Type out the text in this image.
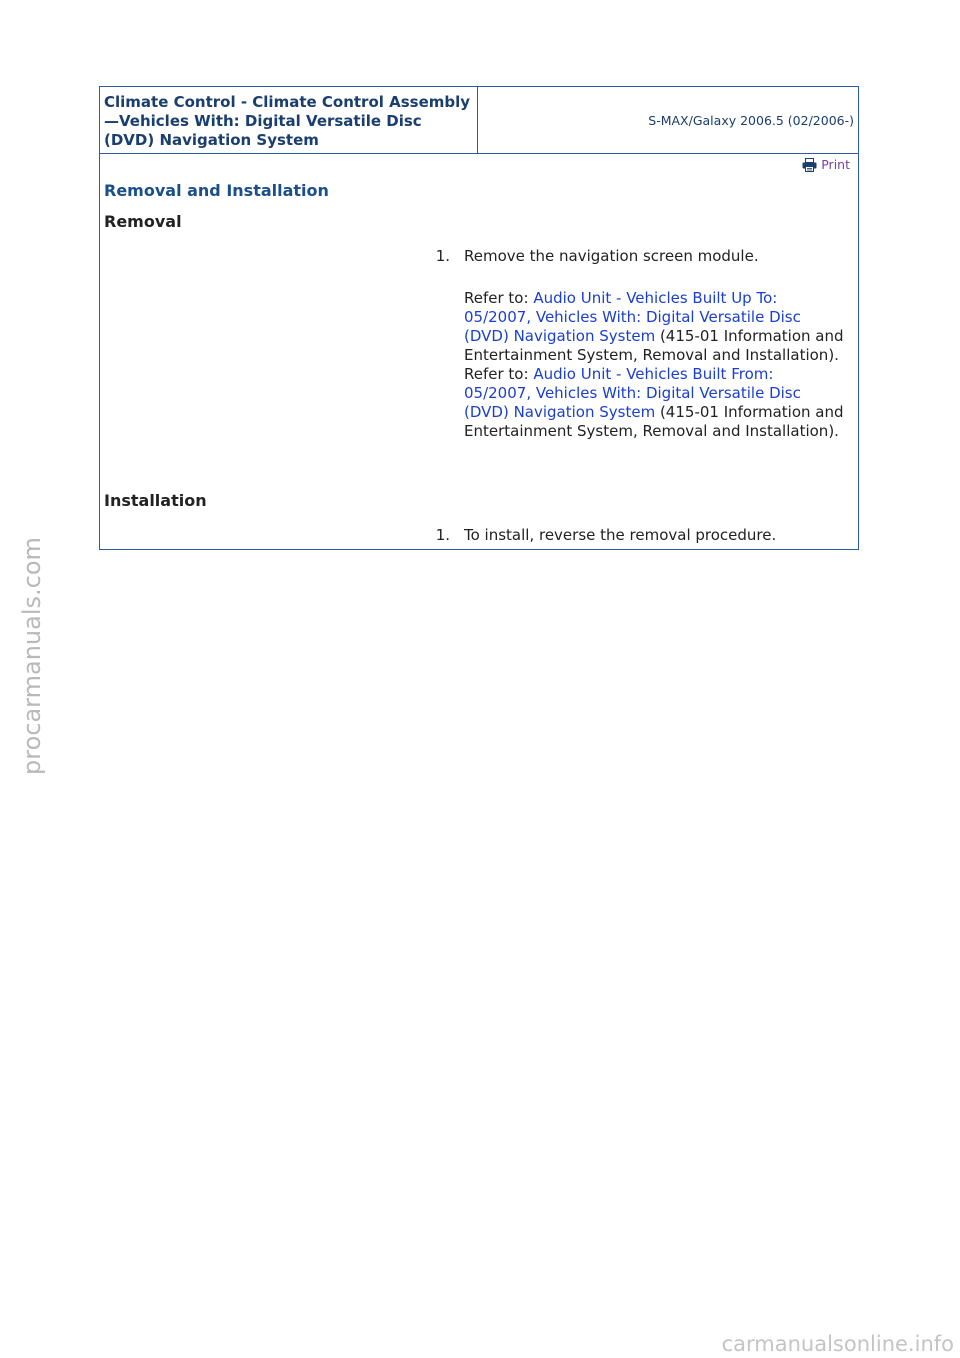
Climate Control - Climate Control Assembly—Vehicles With: Digital Versatile Disc (DVD) Navigation System
S-MAX/Galaxy 2006.5 (02/2006-)
Print
Removal and Installation
Removal
1. Remove the navigation screen module.
Refer to: Audio Unit - Vehicles Built Up To: 05/2007, Vehicles With: Digital Versatile Disc (DVD) Navigation System (415-01 Information and Entertainment System, Removal and Installation).
Refer to: Audio Unit - Vehicles Built From: 05/2007, Vehicles With: Digital Versatile Disc (DVD) Navigation System (415-01 Information and Entertainment System, Removal and Installation).
Installation
1. To install, reverse the removal procedure.
procarmanuals.com
carmanualsonline.info
